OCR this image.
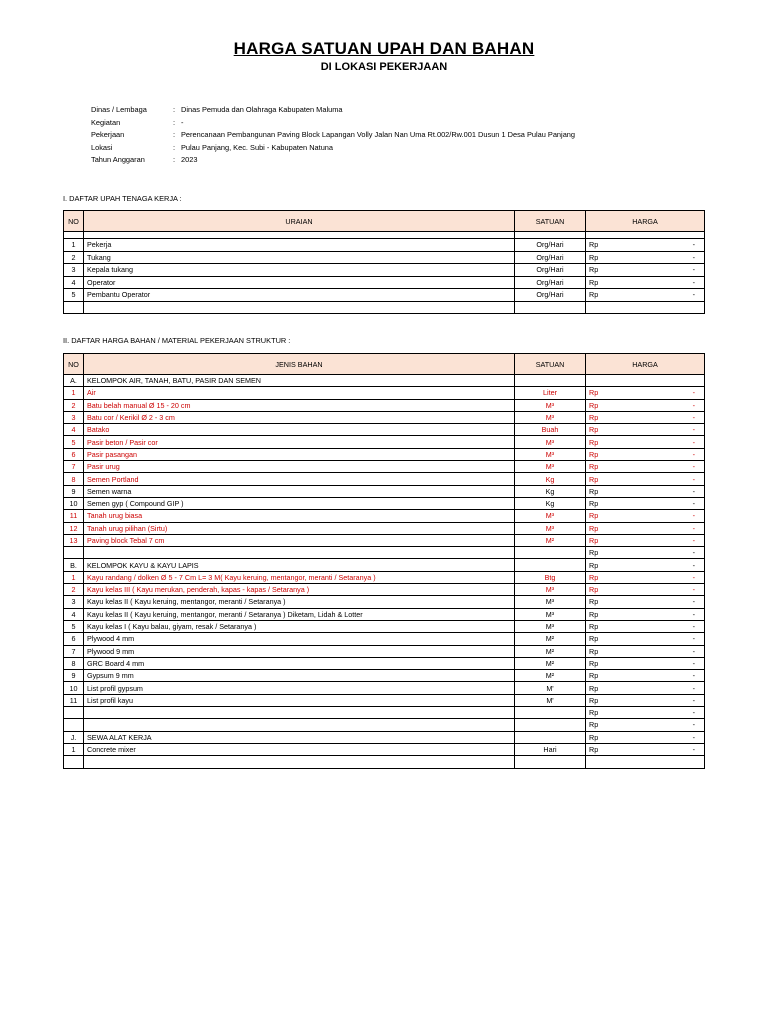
HARGA SATUAN UPAH DAN BAHAN
DI LOKASI PEKERJAAN
Dinas / Lembaga	: Dinas Pemuda dan Olahraga Kabupaten Maluma
Kegiatan	: -
Pekerjaan	: Perencanaan Pembangunan Paving Block Lapangan Volly Jalan Nan Uma Rt.002/Rw.001 Dusun 1 Desa Pulau Panjang
Lokasi	: Pulau Panjang, Kec. Subi - Kabupaten Natuna
Tahun Anggaran	: 2023
I. DAFTAR UPAH TENAGA KERJA :
NO	URAIAN	SATUAN	HARGA

1	Pekerja	Org/Hari	Rp -

2	Tukang	Org/Hari	Rp -

3	Kepala tukang	Org/Hari	Rp -

4	Operator	Org/Hari	Rp -

5	Pembantu Operator	Org/Hari	Rp -

II. DAFTAR HARGA BAHAN / MATERIAL PEKERJAAN STRUKTUR :
NO	JENIS BAHAN	SATUAN	HARGA
A.	KELOMPOK AIR, TANAH, BATU, PASIR DAN SEMEN		

1	Air	Liter	Rp -

2	Batu belah manual Ø 15 - 20 cm	M³	Rp -

3	Batu cor / Kerikil Ø 2 - 3 cm	M³	Rp -

4	Batako	Buah	Rp -

5	Pasir beton / Pasir cor	M³	Rp -

6	Pasir pasangan	M³	Rp -

7	Pasir urug	M³	Rp -

8	Semen Portland	Kg	Rp -

9	Semen warna	Kg	Rp -

10	Semen gyp ( Compound GIP )	Kg	Rp -

11	Tanah urug biasa	M³	Rp -

12	Tanah urug pilihan (Sirtu)	M³	Rp -

13	Paving block Tebal 7 cm	M²	Rp -

			Rp -

B.	KELOMPOK KAYU & KAYU LAPIS		Rp -

1	Kayu randang / dolken Ø 5 - 7 Cm L= 3 M( Kayu keruing, mentangor, meranti / Setaranya )	Btg	Rp -

2	Kayu kelas III ( Kayu merukan, penderah, kapas - kapas / Setaranya )	M³	Rp -

3	Kayu kelas II ( Kayu keruing, mentangor, meranti / Setaranya )	M³	Rp -

4	Kayu kelas II ( Kayu keruing, mentangor, meranti / Setaranya ) Diketam, Lidah & Lotter	M³	Rp -

5	Kayu kelas I ( Kayu balau, giyam, resak / Setaranya )	M³	Rp -

6	Plywood 4 mm	M²	Rp -

7	Plywood 9 mm	M²	Rp -

8	GRC Board 4 mm	M²	Rp -

9	Gypsum 9 mm	M²	Rp -

10	List profil gypsum	M'	Rp -

11	List profil kayu	M'	Rp -

			Rp -

			Rp -

J.	SEWA ALAT KERJA		Rp -

1	Concrete mixer	Hari	Rp -
